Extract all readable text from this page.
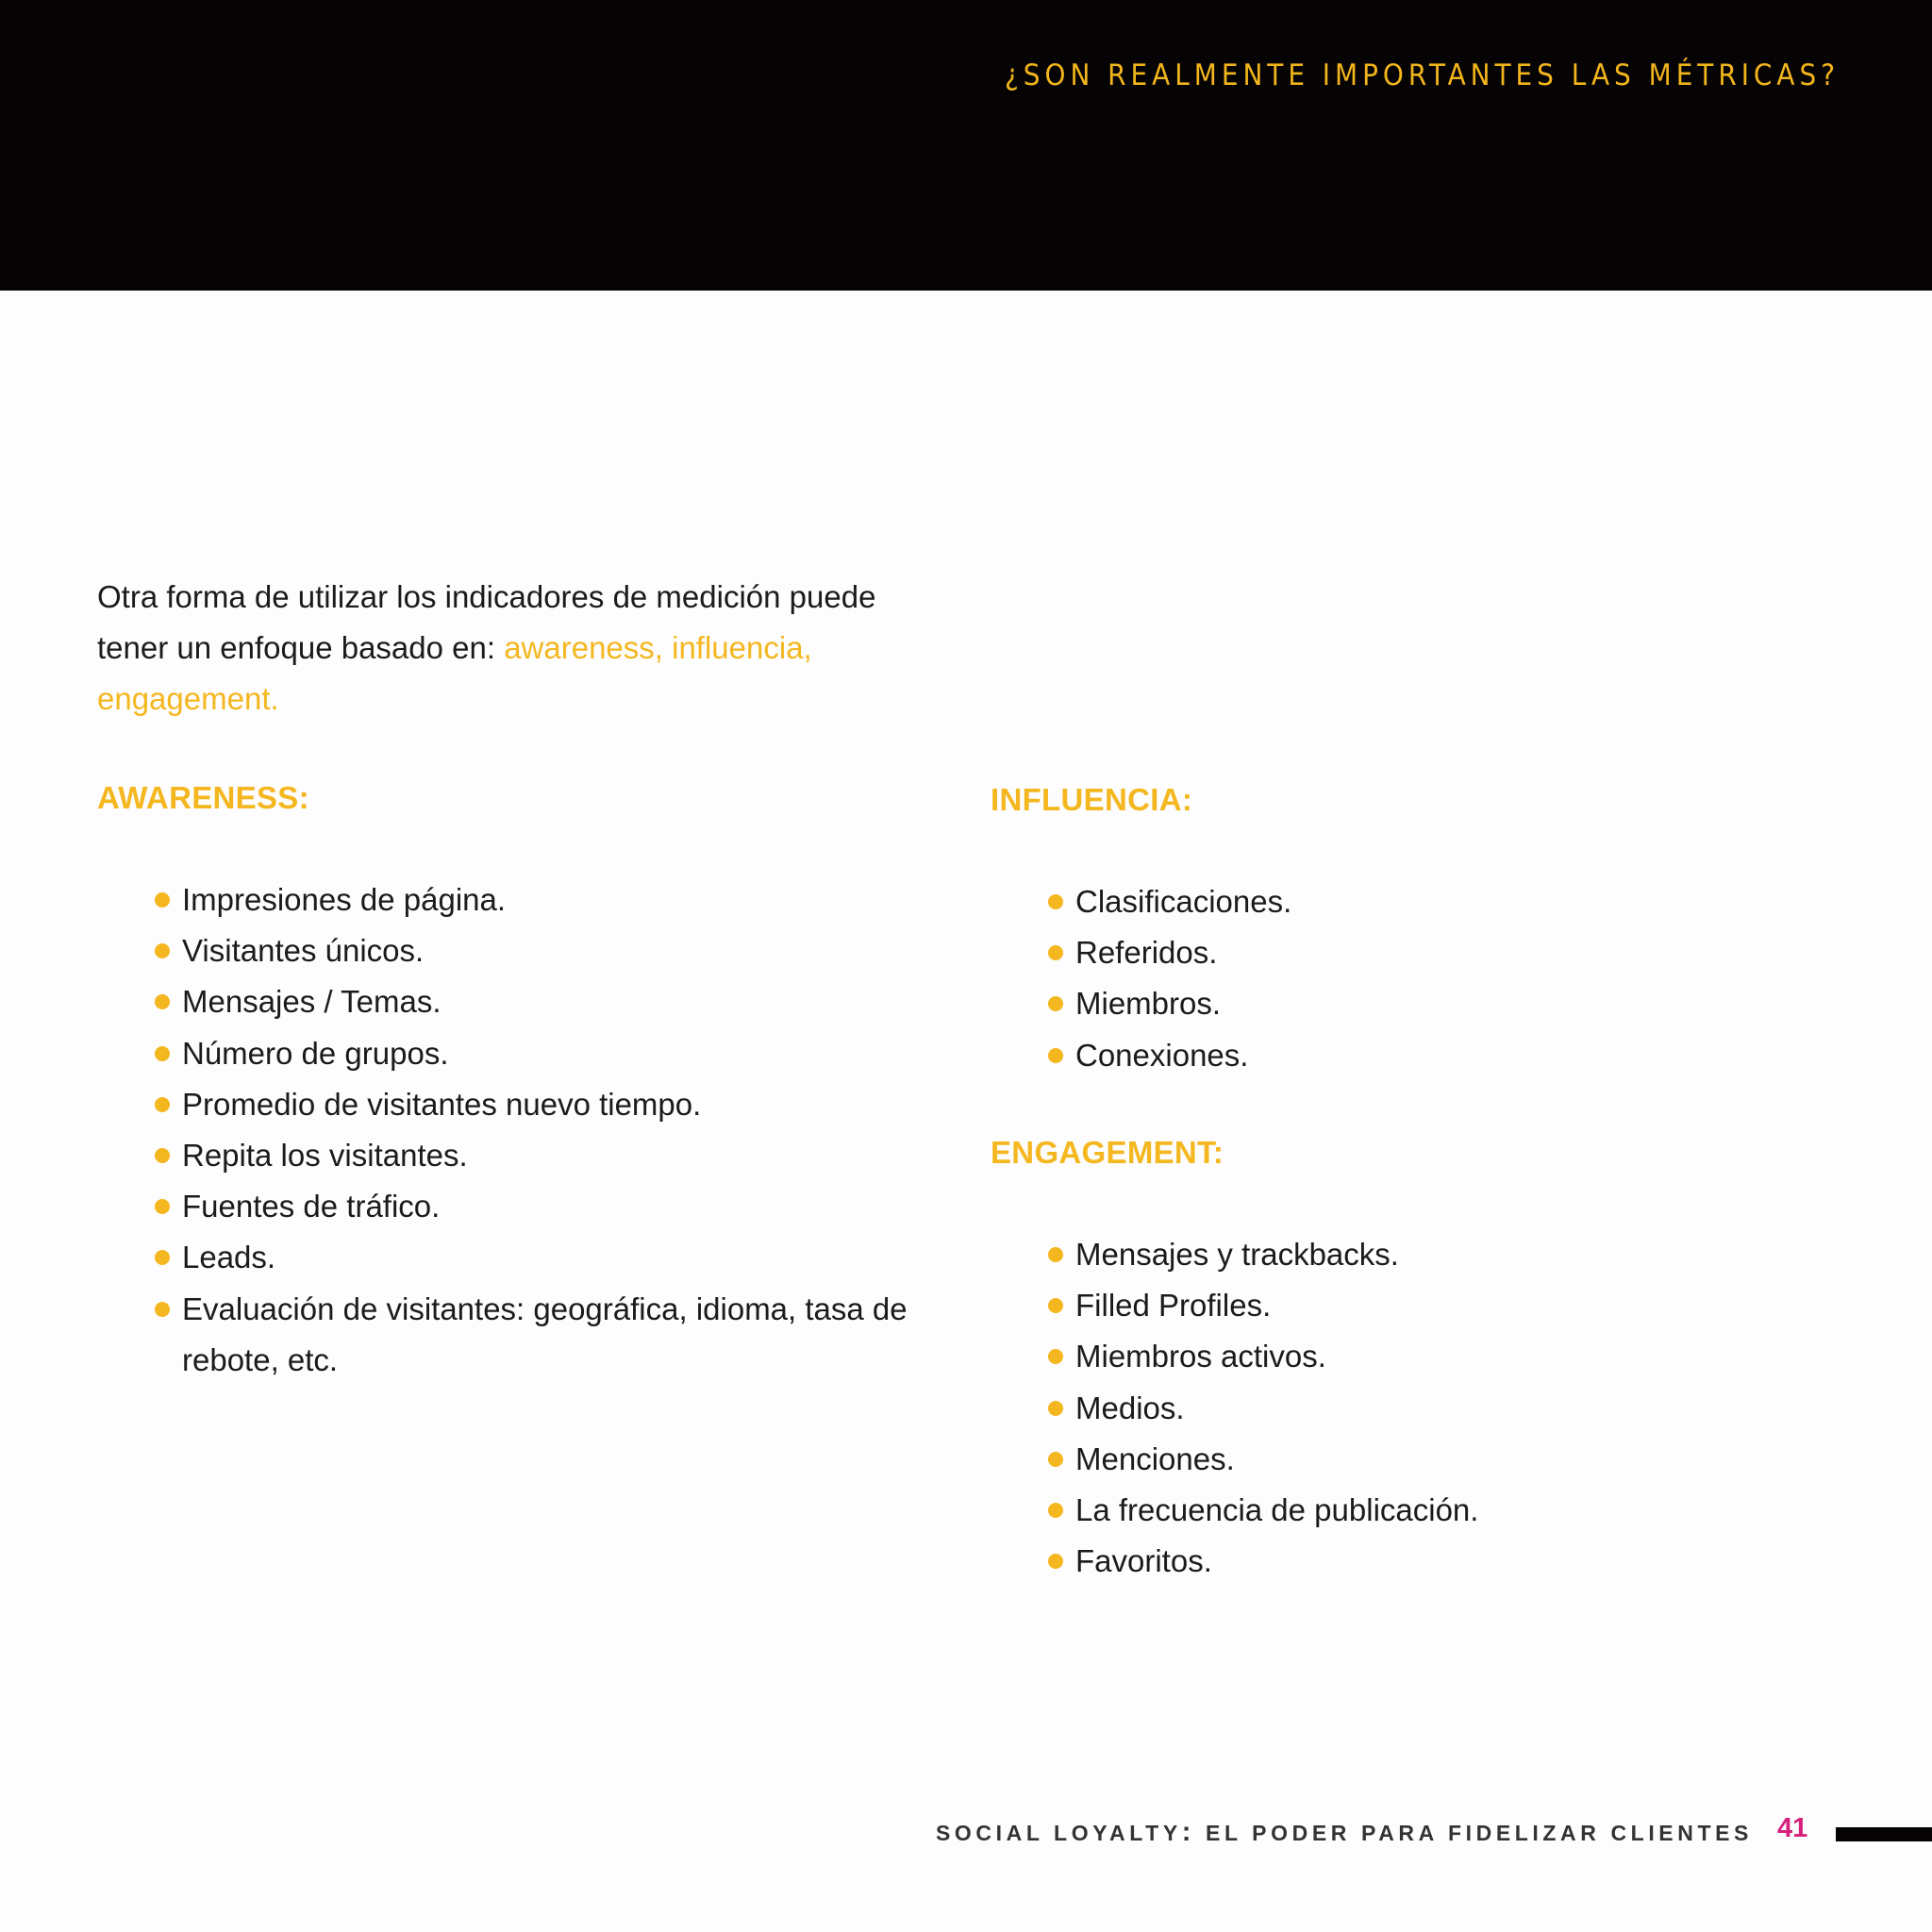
¿SON REALMENTE IMPORTANTES LAS MÉTRICAS?

Otra forma de utilizar los indicadores de medición puede tener un enfoque basado en: awareness, influencia, engagement.

AWARENESS:
Impresiones de página.
Visitantes únicos.
Mensajes / Temas.
Número de grupos.
Promedio de visitantes nuevo tiempo.
Repita los visitantes.
Fuentes de tráfico.
Leads.
Evaluación de visitantes: geográfica, idioma, tasa de rebote, etc.
INFLUENCIA:
Clasificaciones.
Referidos.
Miembros.
Conexiones.
ENGAGEMENT:
Mensajes y trackbacks.
Filled Profiles.
Miembros activos.
Medios.
Menciones.
La frecuencia de publicación.
Favoritos.
SOCIAL LOYALTY: EL PODER PARA FIDELIZAR CLIENTES 41
